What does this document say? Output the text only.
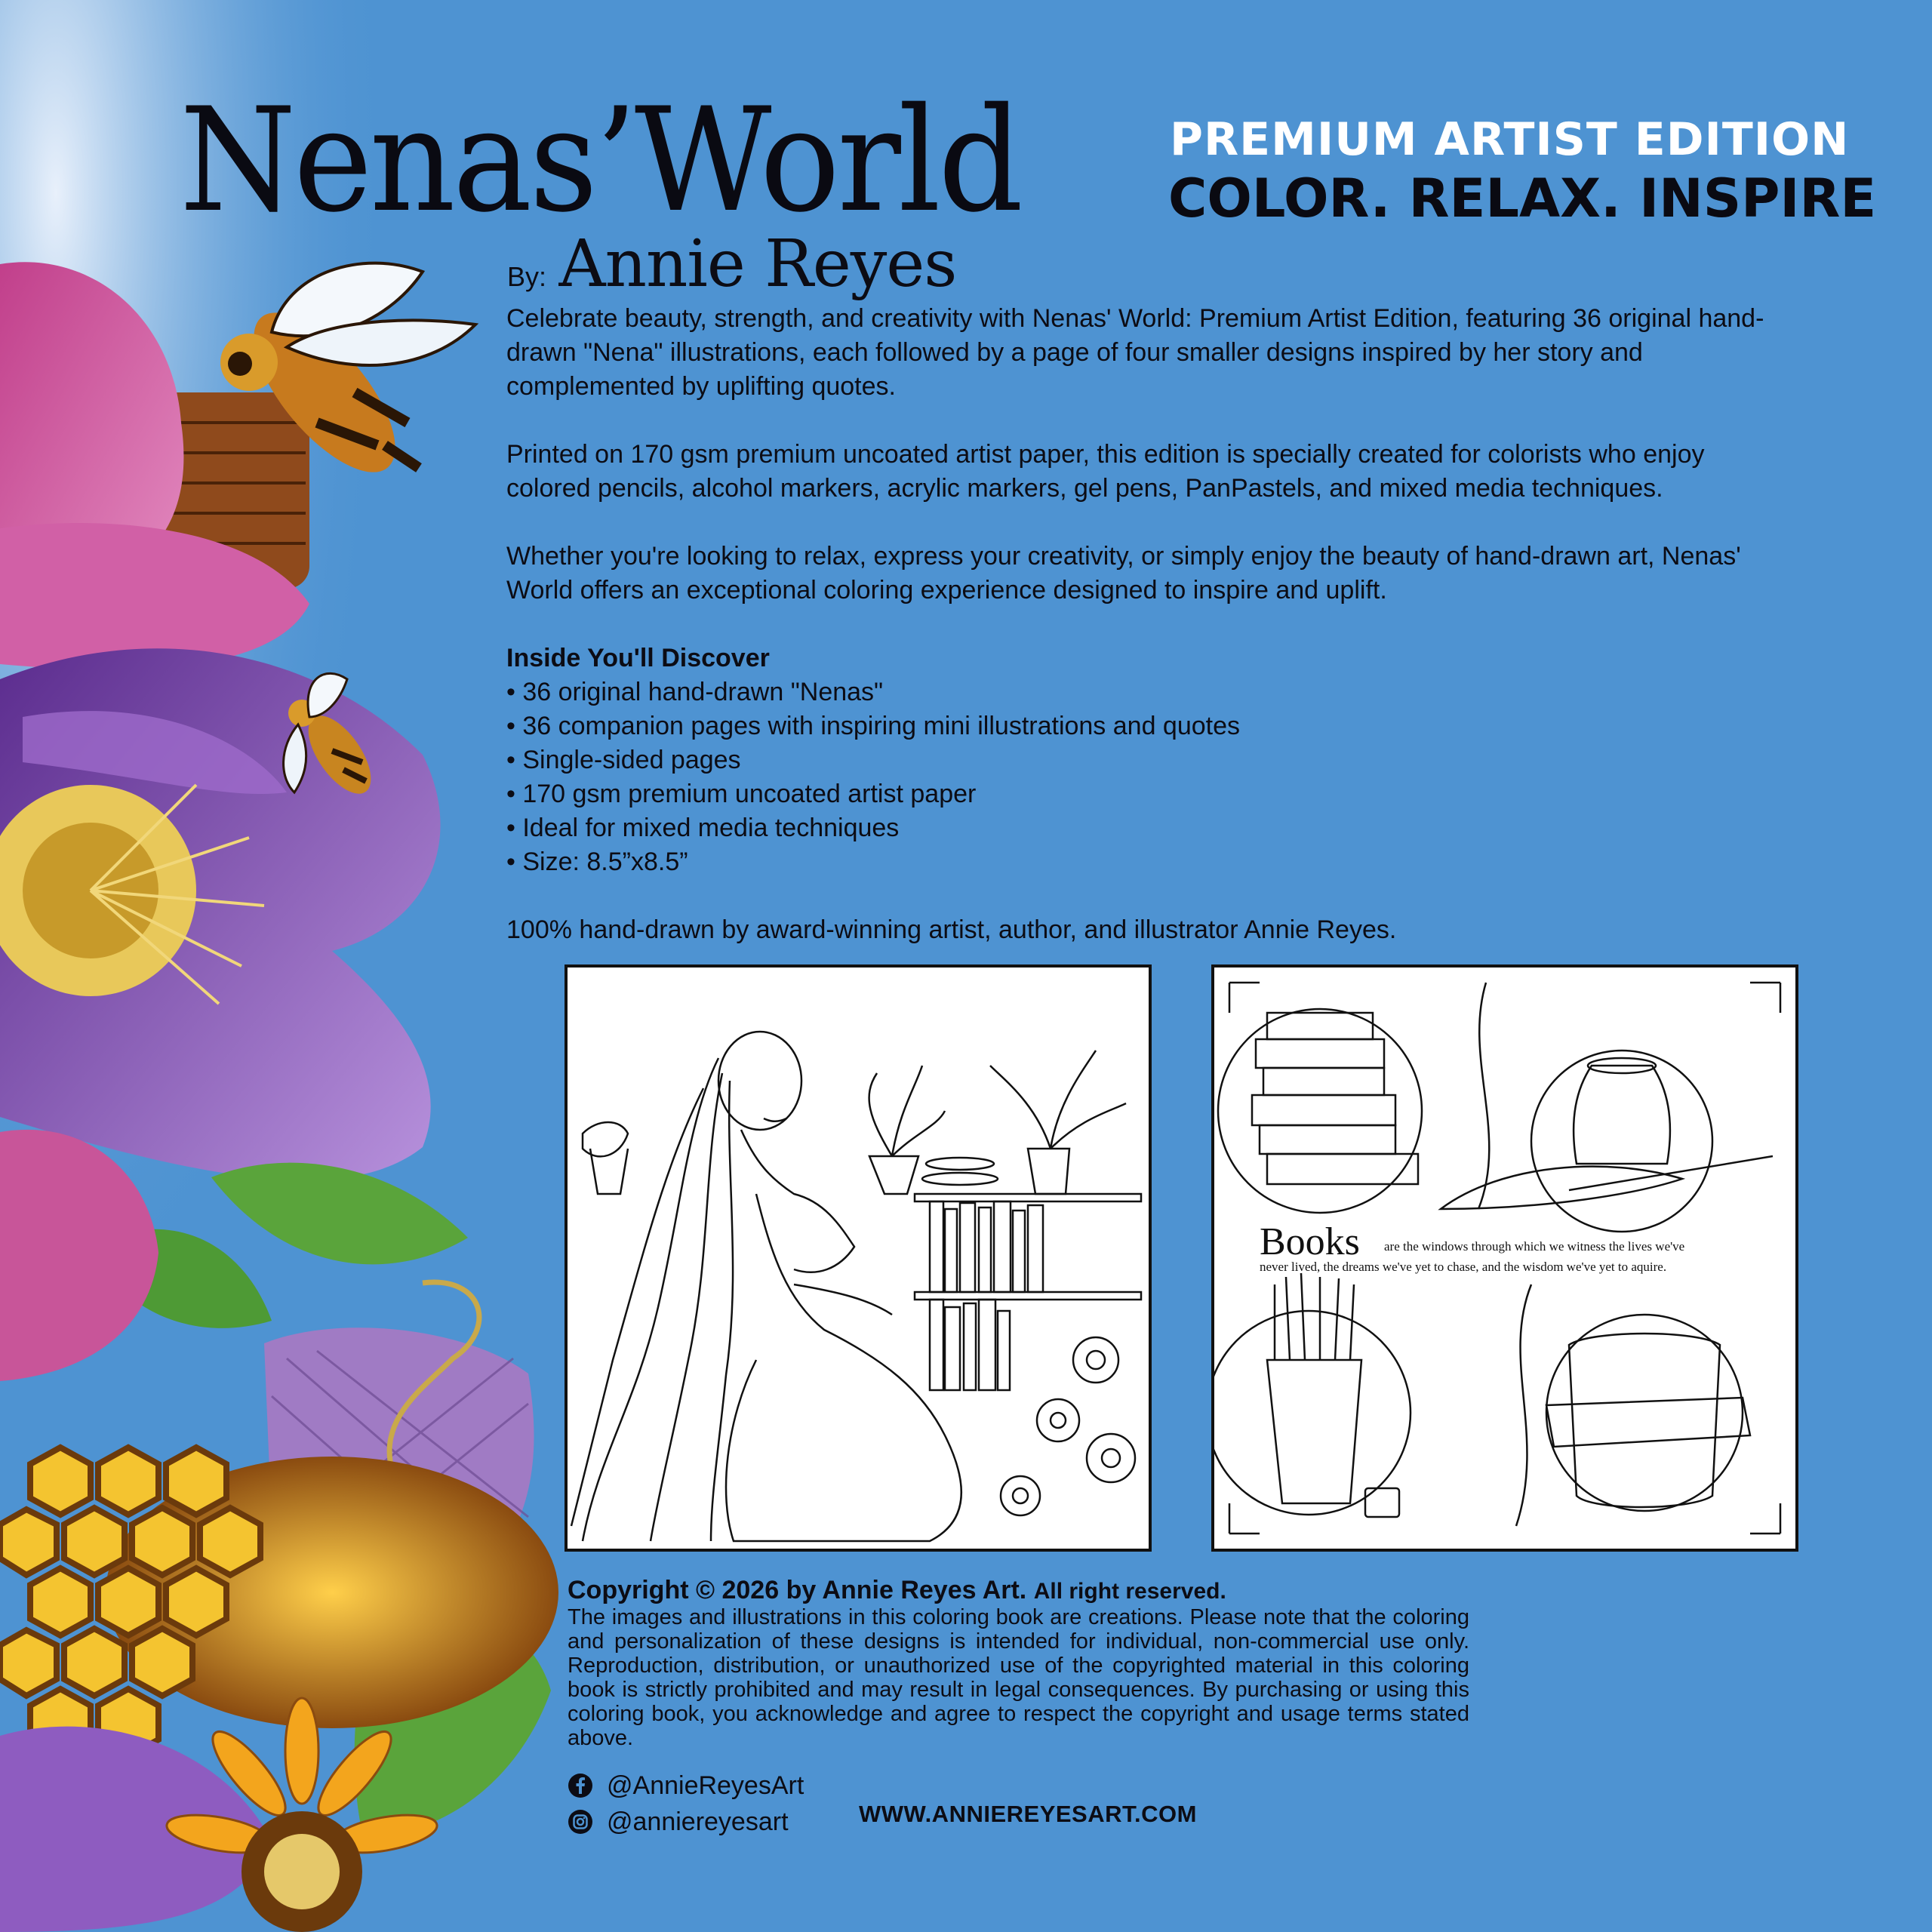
Nenas’World	PREMIUM ARTIST EDITION
COLOR. RELAX. INSPIRE
By: Annie Reyes

Celebrate beauty, strength, and creativity with Nenas' World: Premium Artist Edition, featuring 36 original hand-drawn "Nena" illustrations, each followed by a page of four smaller designs inspired by her story and complemented by uplifting quotes.

Printed on 170 gsm premium uncoated artist paper, this edition is specially created for colorists who enjoy colored pencils, alcohol markers, acrylic markers, gel pens, PanPastels, and mixed media techniques.

Whether you're looking to relax, express your creativity, or simply enjoy the beauty of hand-drawn art, Nenas' World offers an exceptional coloring experience designed to inspire and uplift.

Inside You'll Discover

• 36 original hand-drawn "Nenas"
• 36 companion pages with inspiring mini illustrations and quotes
• Single-sided pages
• 170 gsm premium uncoated artist paper
• Ideal for mixed media techniques
• Size: 8.5”x8.5”

100% hand-drawn by award-winning artist, author, and illustrator Annie Reyes.

Books are the windows through which we witness the lives we've
never lived, the dreams we've yet to chase, and the wisdom we've yet to aquire.

Copyright © 2026 by Annie Reyes Art. All right reserved.

The images and illustrations in this coloring book are creations. Please note that the coloring and personalization of these designs is intended for individual, non-commercial use only. Reproduction, distribution, or unauthorized use of the copyrighted material in this coloring book is strictly prohibited and may result in legal consequences. By purchasing or using this coloring book, you acknowledge and agree to respect the copyright and usage terms stated above.

@AnnieReyesArt
@anniereyesart	WWW.ANNIEREYESART.COM
